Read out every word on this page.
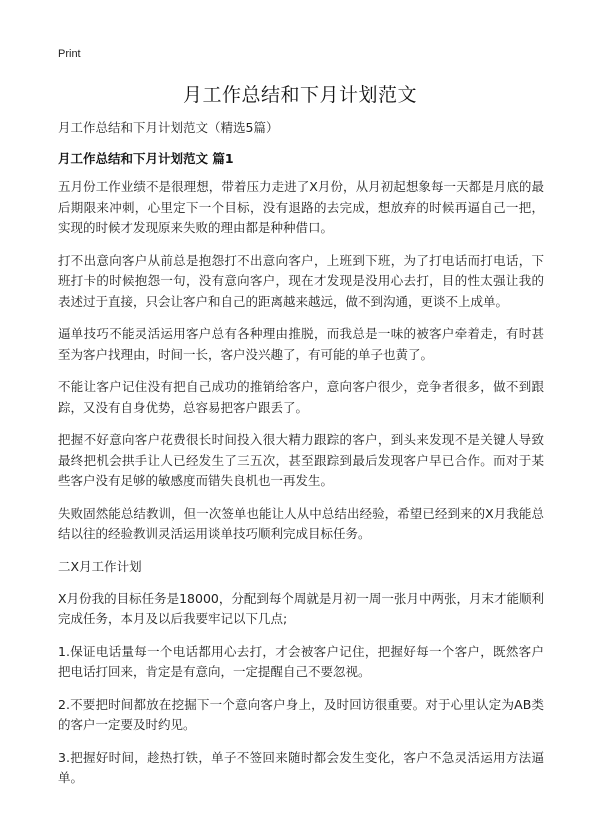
Print
月工作总结和下月计划范文

月工作总结和下月计划范文（精选5篇）

月工作总结和下月计划范文 篇1

五月份工作业绩不是很理想，带着压力走进了X月份，从月初起想象每一天都是月底的最后期限来冲刺，心里定下一个目标，没有退路的去完成，想放弃的时候再逼自己一把，实现的时候才发现原来失败的理由都是种种借口。

打不出意向客户从前总是抱怨打不出意向客户，上班到下班，为了打电话而打电话，下班打卡的时候抱怨一句，没有意向客户，现在才发现是没用心去打，目的性太强让我的表述过于直接，只会让客户和自己的距离越来越远，做不到沟通，更谈不上成单。

逼单技巧不能灵活运用客户总有各种理由推脱，而我总是一味的被客户牵着走，有时甚至为客户找理由，时间一长，客户没兴趣了，有可能的单子也黄了。

不能让客户记住没有把自己成功的推销给客户，意向客户很少，竞争者很多，做不到跟踪，又没有自身优势，总容易把客户跟丢了。

把握不好意向客户花费很长时间投入很大精力跟踪的客户，到头来发现不是关键人导致最终把机会拱手让人已经发生了三五次，甚至跟踪到最后发现客户早已合作。而对于某些客户没有足够的敏感度而错失良机也一再发生。

失败固然能总结教训，但一次签单也能让人从中总结出经验，希望已经到来的X月我能总结以往的经验教训灵活运用谈单技巧顺利完成目标任务。

二X月工作计划

X月份我的目标任务是18000，分配到每个周就是月初一周一张月中两张，月末才能顺利完成任务，本月及以后我要牢记以下几点;

1.保证电话量每一个电话都用心去打，才会被客户记住，把握好每一个客户，既然客户把电话打回来，肯定是有意向，一定提醒自己不要忽视。

2.不要把时间都放在挖掘下一个意向客户身上，及时回访很重要。对于心里认定为AB类的客户一定要及时约见。

3.把握好时间，趁热打铁，单子不签回来随时都会发生变化，客户不急灵活运用方法逼单。
